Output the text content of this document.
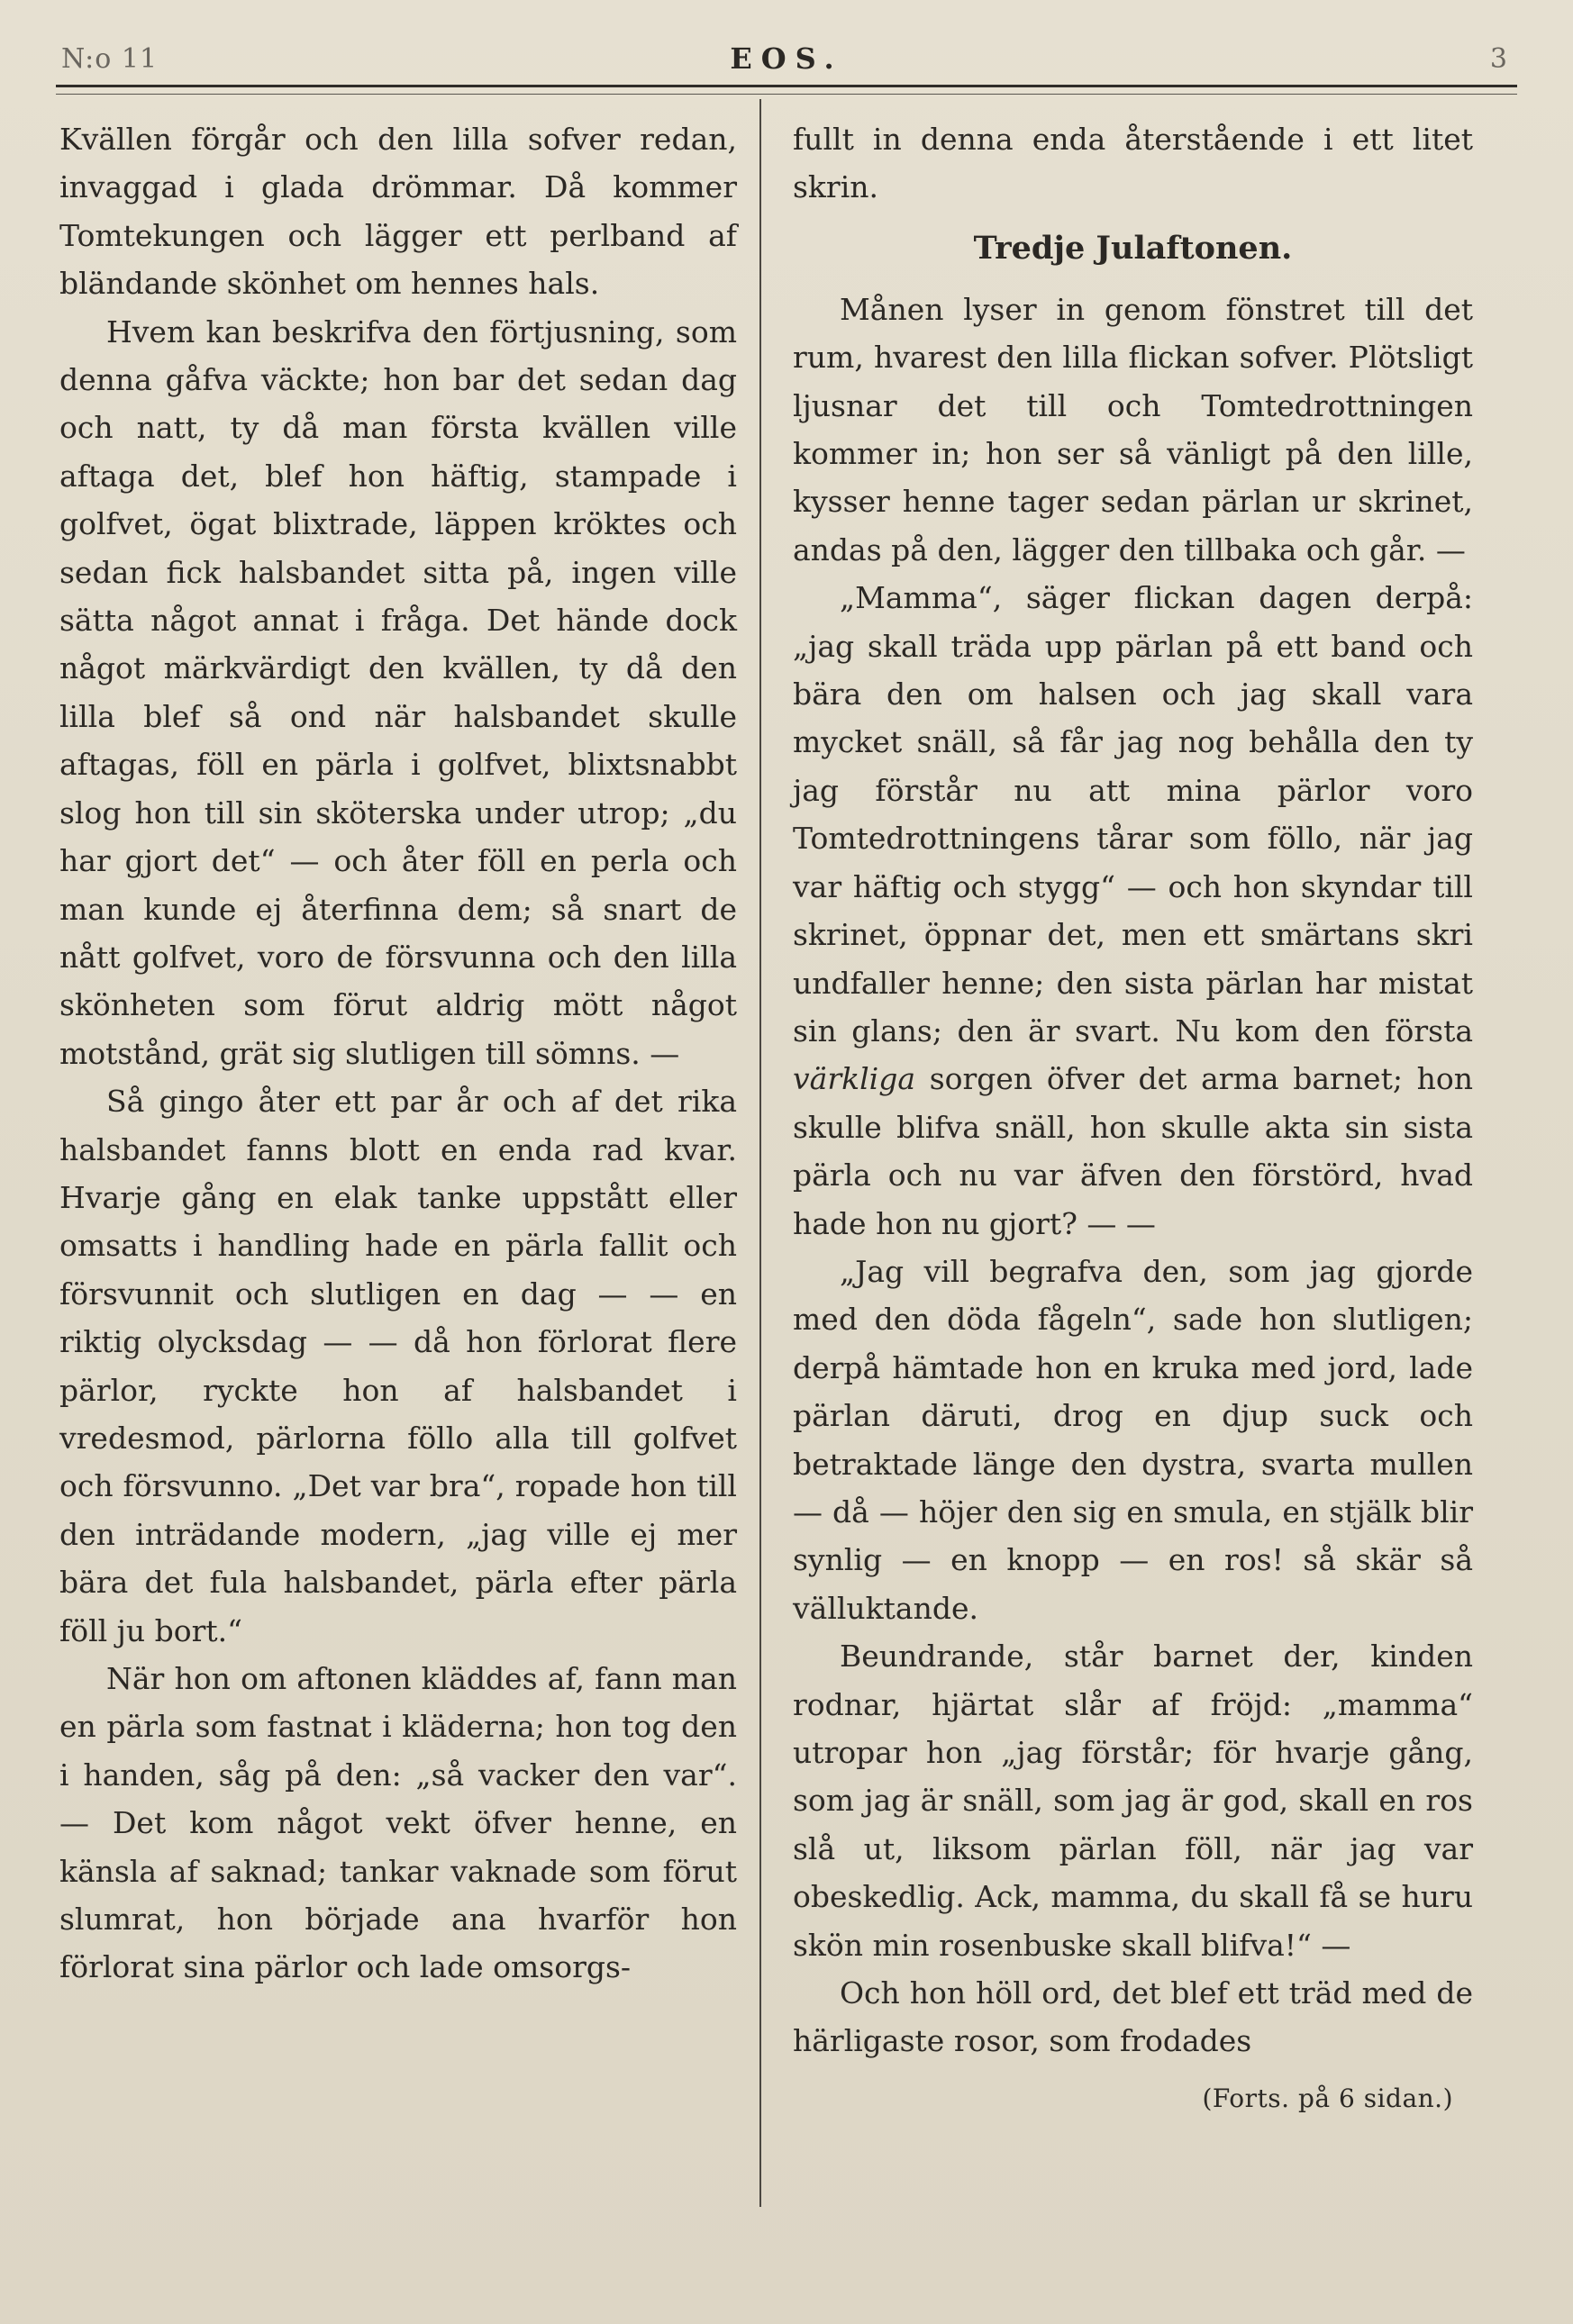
N:o 11	EOS.	3

Kvällen förgår och den lilla sofver redan, invaggad i glada drömmar. Då kommer Tomtekungen och lägger ett perlband af bländande skönhet om hennes hals.

Hvem kan beskrifva den förtjusning, som denna gåfva väckte; hon bar det sedan dag och natt, ty då man första kvällen ville aftaga det, blef hon häftig, stampade i golfvet, ögat blixtrade, läppen kröktes och sedan fick halsbandet sitta på, ingen ville sätta något annat i fråga. Det hände dock något märkvärdigt den kvällen, ty då den lilla blef så ond när halsbandet skulle aftagas, föll en pärla i golfvet, blixtsnabbt slog hon till sin sköterska under utrop; „du har gjort det“ — och åter föll en perla och man kunde ej återfinna dem; så snart de nått golfvet, voro de försvunna och den lilla skönheten som förut aldrig mött något motstånd, grät sig slutligen till sömns. —

Så gingo åter ett par år och af det rika halsbandet fanns blott en enda rad kvar. Hvarje gång en elak tanke uppstått eller omsatts i handling hade en pärla fallit och försvunnit och slutligen en dag — — en riktig olycksdag — — då hon förlorat flere pärlor, ryckte hon af halsbandet i vredesmod, pärlorna föllo alla till golfvet och försvunno. „Det var bra“, ropade hon till den inträdande modern, „jag ville ej mer bära det fula halsbandet, pärla efter pärla föll ju bort.“

När hon om aftonen kläddes af, fann man en pärla som fastnat i kläderna; hon tog den i handen, såg på den: „så vacker den var“. — Det kom något vekt öfver henne, en känsla af saknad; tankar vaknade som förut slumrat, hon började ana hvarför hon förlorat sina pärlor och lade omsorgs-

fullt in denna enda återstående i ett litet skrin.

Tredje Julaftonen.

Månen lyser in genom fönstret till det rum, hvarest den lilla flickan sofver. Plötsligt ljusnar det till och Tomtedrottningen kommer in; hon ser så vänligt på den lille, kysser henne tager sedan pärlan ur skrinet, andas på den, lägger den tillbaka och går. —

„Mamma“, säger flickan dagen derpå: „jag skall träda upp pärlan på ett band och bära den om halsen och jag skall vara mycket snäll, så får jag nog behålla den ty jag förstår nu att mina pärlor voro Tomtedrottningens tårar som föllo, när jag var häftig och stygg“ — och hon skyndar till skrinet, öppnar det, men ett smärtans skri undfaller henne; den sista pärlan har mistat sin glans; den är svart. Nu kom den första värkliga sorgen öfver det arma barnet; hon skulle blifva snäll, hon skulle akta sin sista pärla och nu var äfven den förstörd, hvad hade hon nu gjort? — —

„Jag vill begrafva den, som jag gjorde med den döda fågeln“, sade hon slutligen; derpå hämtade hon en kruka med jord, lade pärlan däruti, drog en djup suck och betraktade länge den dystra, svarta mullen — då — höjer den sig en smula, en stjälk blir synlig — en knopp — en ros! så skär så välluktande.

Beundrande, står barnet der, kinden rodnar, hjärtat slår af fröjd: „mamma“ utropar hon „jag förstår; för hvarje gång, som jag är snäll, som jag är god, skall en ros slå ut, liksom pärlan föll, när jag var obeskedlig. Ack, mamma, du skall få se huru skön min rosenbuske skall blifva!“ —

Och hon höll ord, det blef ett träd med de härligaste rosor, som frodades

(Forts. på 6 sidan.)
